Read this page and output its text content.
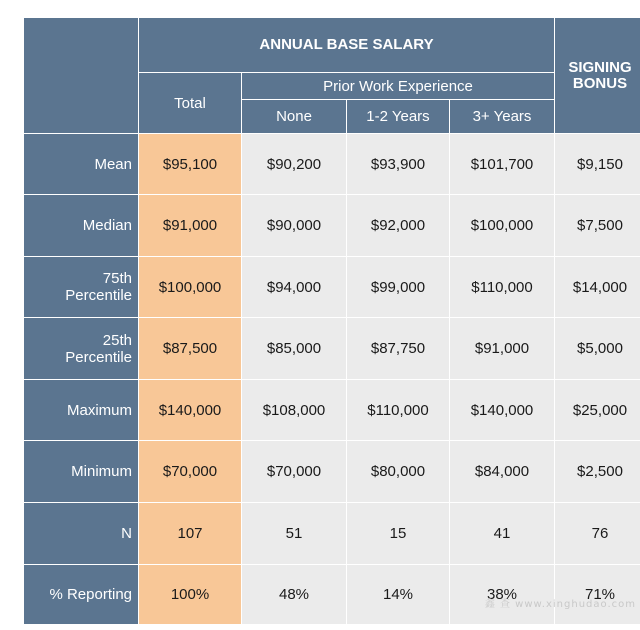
ANNUAL BASE SALARY
SIGNING
BONUS
Total
Prior Work Experience
None	1-2 Years	3+ Years
Mean	$95,100	$90,200	$93,900	$101,700	$9,150
Median	$91,000	$90,000	$92,000	$100,000	$7,500
75th
Percentile	$100,000	$94,000	$99,000	$110,000	$14,000
25th
Percentile	$87,500	$85,000	$87,750	$91,000	$5,000
Maximum	$140,000	$108,000	$110,000	$140,000	$25,000
Minimum	$70,000	$70,000	$80,000	$84,000	$2,500
N	107	51	15	41	76
% Reporting	100%	48%	14%	38%	71%
鑫 查 www.xinghudao.com
